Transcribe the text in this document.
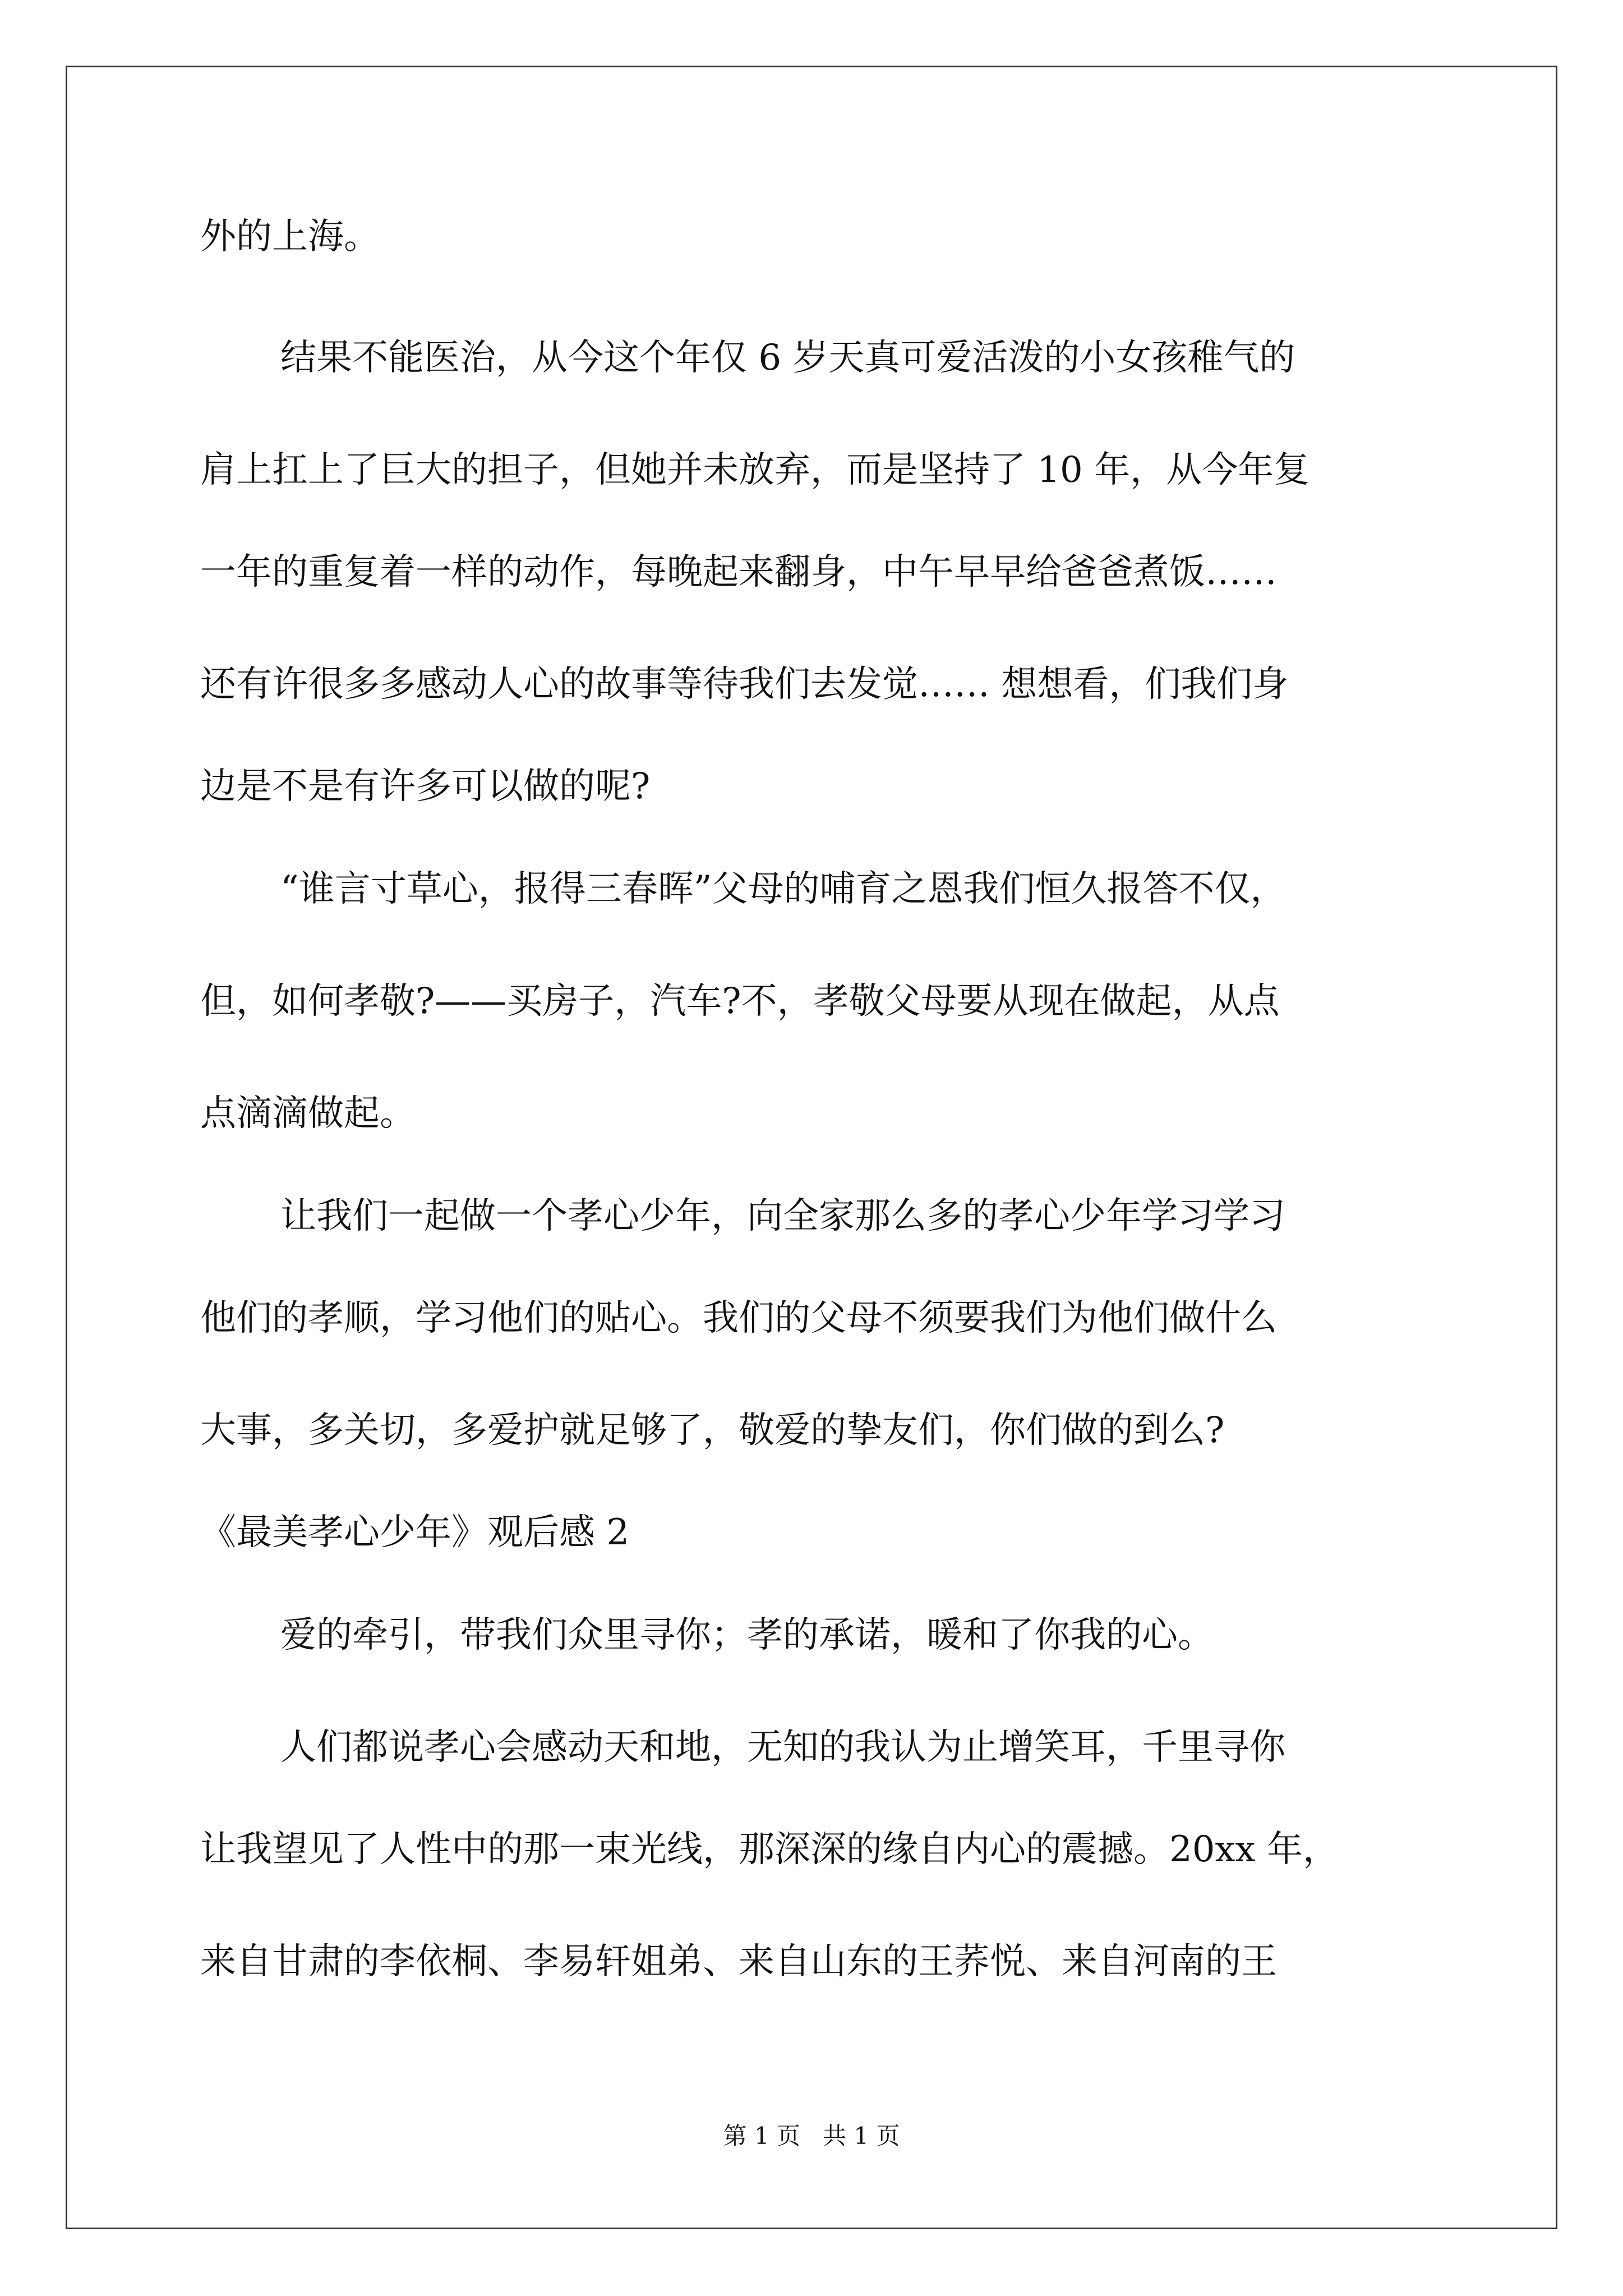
外的上海。
结果不能医治，从今这个年仅 6 岁天真可爱活泼的小女孩稚气的
肩上扛上了巨大的担子，但她并未放弃，而是坚持了 10 年，从今年复
一年的重复着一样的动作，每晚起来翻身，中午早早给爸爸煮饭……
还有许很多多感动人心的故事等待我们去发觉…… 想想看，们我们身
边是不是有许多可以做的呢?
“谁言寸草心，报得三春晖”父母的哺育之恩我们恒久报答不仅，
但，如何孝敬?——买房子，汽车?不，孝敬父母要从现在做起，从点
点滴滴做起。
让我们一起做一个孝心少年，向全家那么多的孝心少年学习学习
他们的孝顺，学习他们的贴心。我们的父母不须要我们为他们做什么
大事，多关切，多爱护就足够了，敬爱的挚友们，你们做的到么?
《最美孝心少年》观后感 2
爱的牵引，带我们众里寻你；孝的承诺，暖和了你我的心。
人们都说孝心会感动天和地，无知的我认为止增笑耳，千里寻你
让我望见了人性中的那一束光线，那深深的缘自内心的震撼。20xx 年，
来自甘肃的李依桐、李易轩姐弟、来自山东的王荞悦、来自河南的王
第 1 页   共 1 页
